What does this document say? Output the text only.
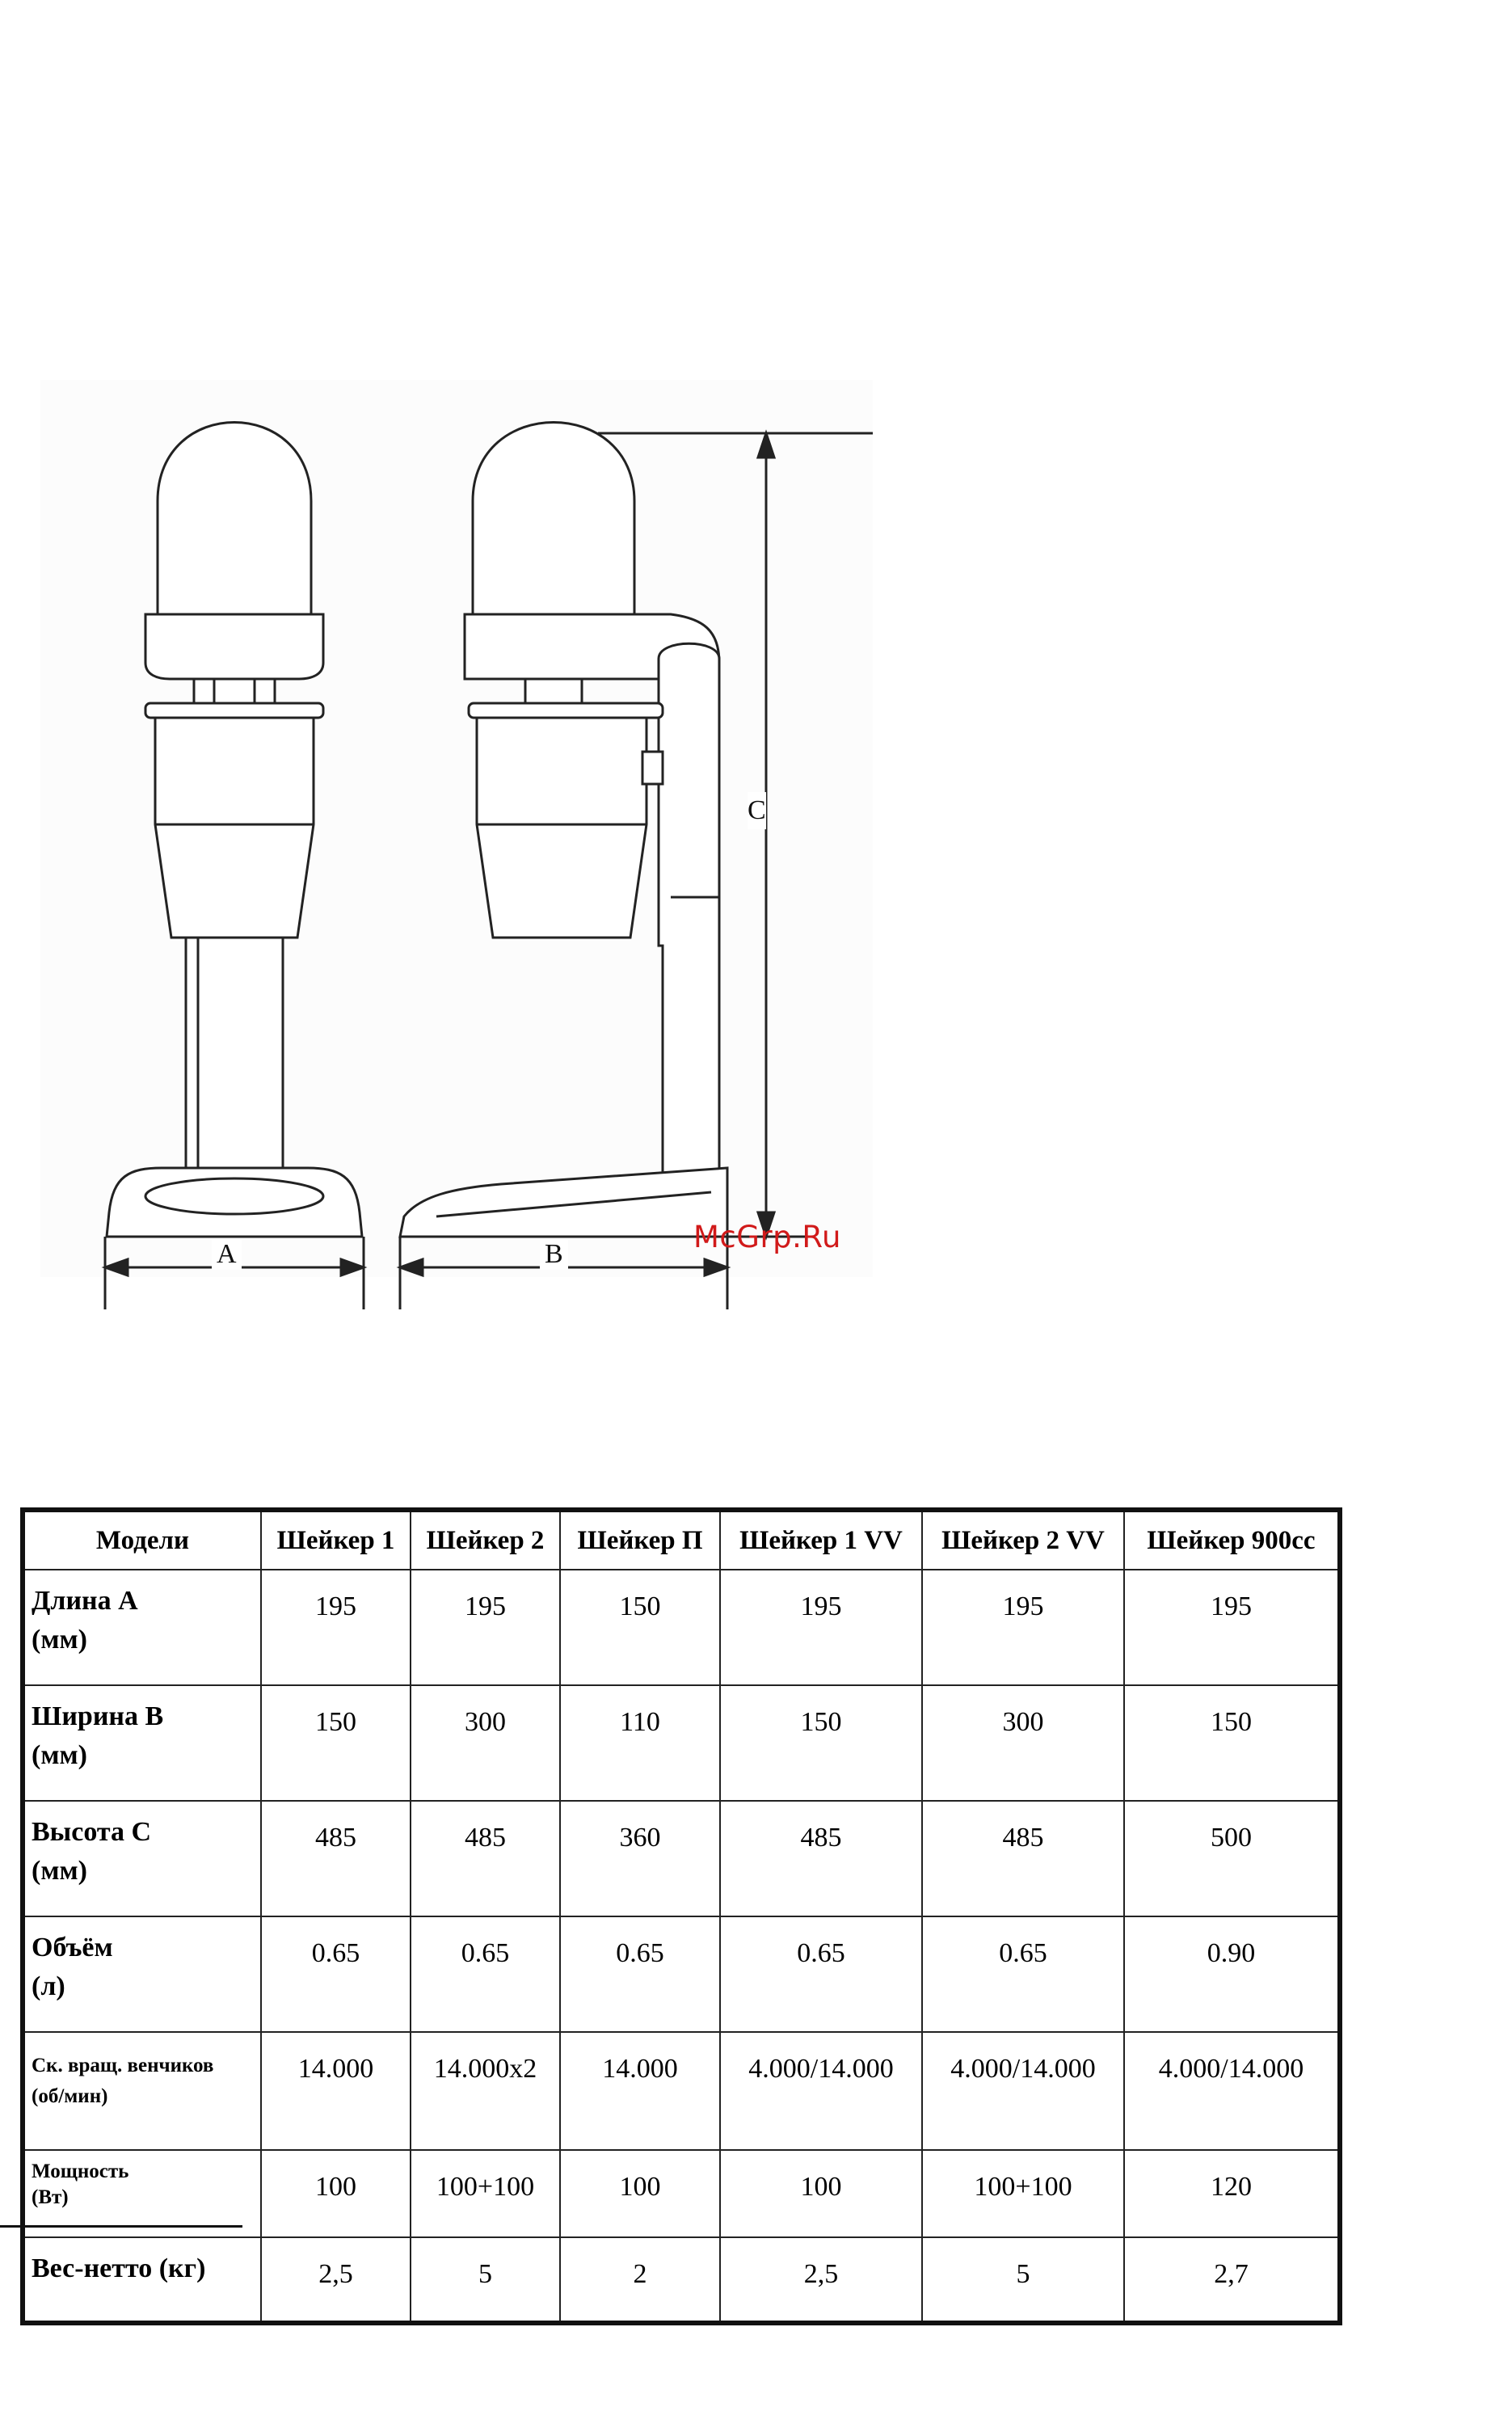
A	B
C
McGrp.Ru
Модели	Шейкер 1	Шейкер 2	Шейкер П	Шейкер 1 VV	Шейкер 2 VV	Шейкер 900cc
Длина А
(мм)	195	195	150	195	195	195
Ширина В
(мм)	150	300	110	150	300	150
Высота С
(мм)	485	485	360	485	485	500
Объём
(л)	0.65	0.65	0.65	0.65	0.65	0.90
Ск. вращ. венчиков
(об/мин)	14.000	14.000x2	14.000	4.000/14.000	4.000/14.000	4.000/14.000
Мощность
(Вт)	100	100+100	100	100	100+100	120
Вес-нетто (кг)	2,5	5	2	2,5	5	2,7
